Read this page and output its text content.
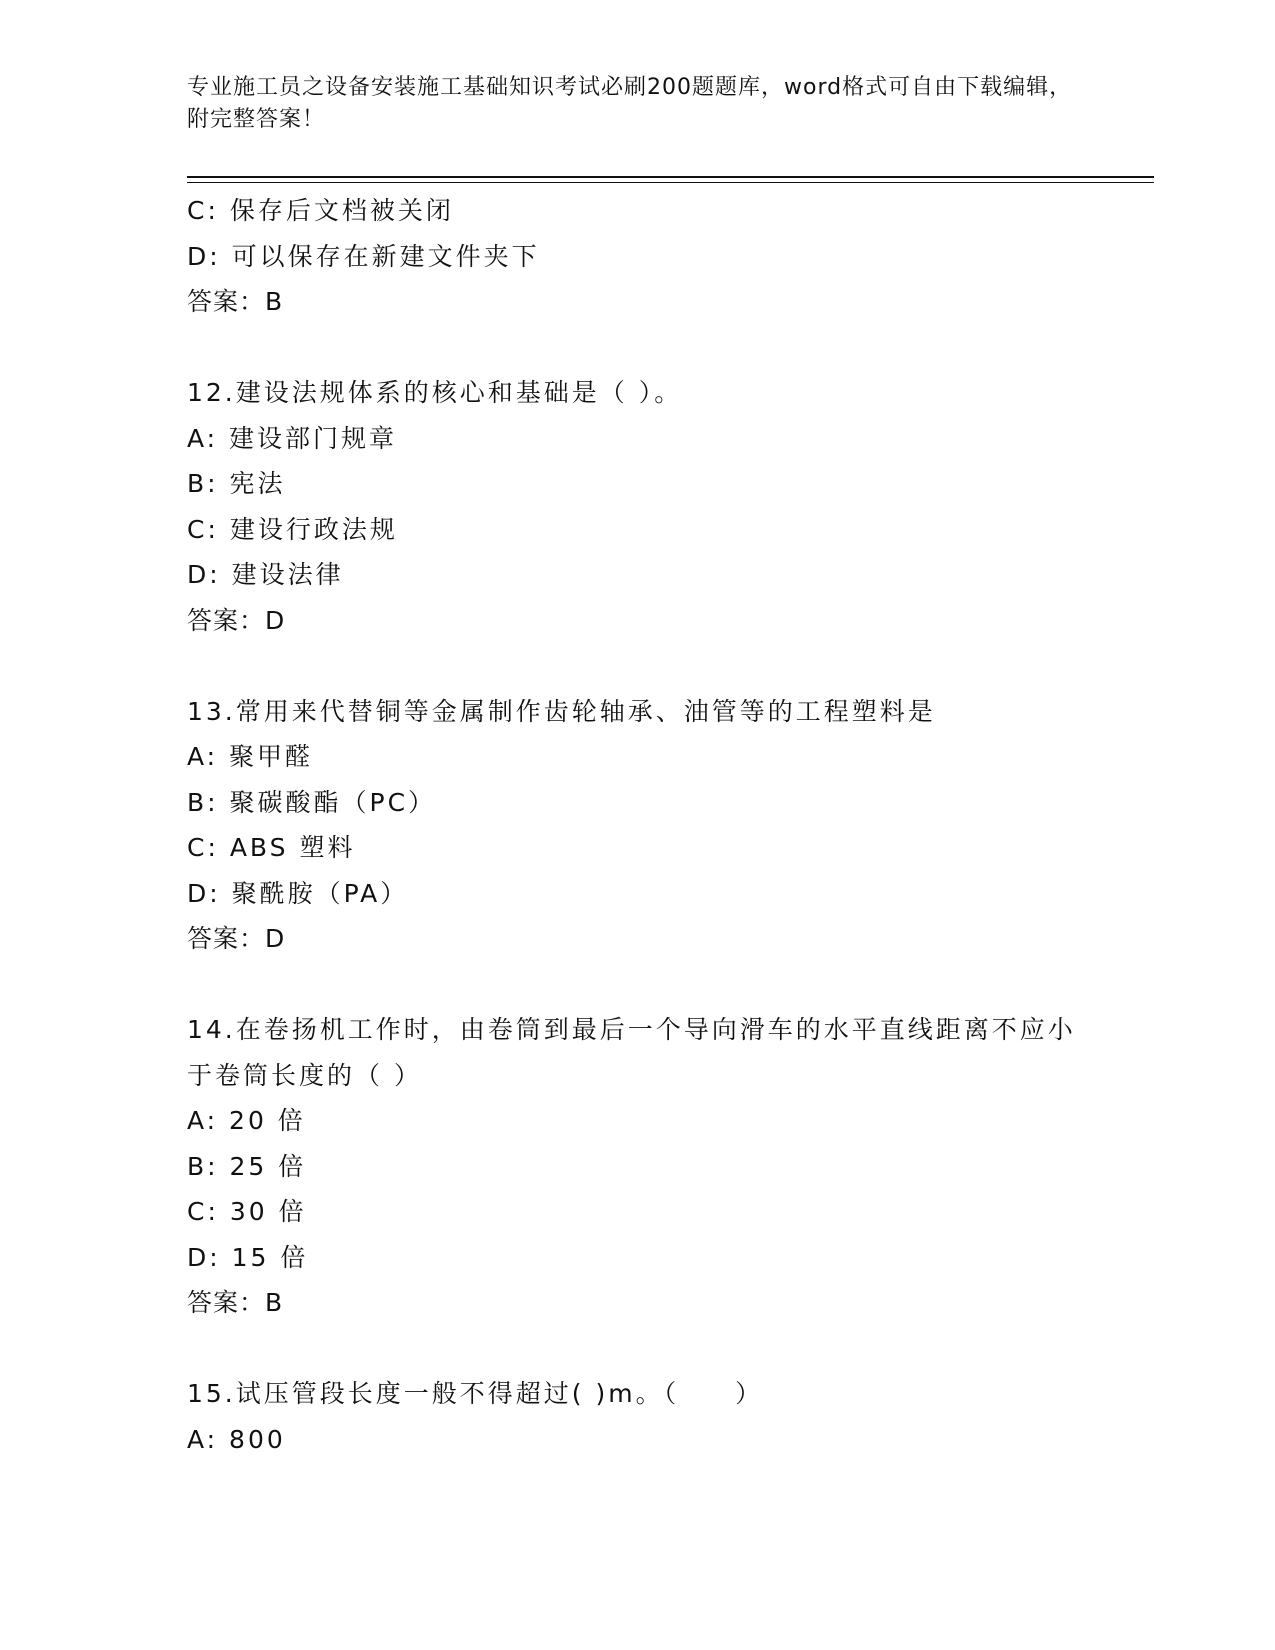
专业施工员之设备安装施工基础知识考试必刷200题题库，word格式可自由下载编辑，附完整答案！
C: 保存后文档被关闭
D: 可以保存在新建文件夹下
答案：B
12.建设法规体系的核心和基础是（ ）。
A: 建设部门规章
B: 宪法
C: 建设行政法规
D: 建设法律
答案：D
13.常用来代替铜等金属制作齿轮轴承、油管等的工程塑料是
A: 聚甲醛
B: 聚碳酸酯（PC）
C: ABS 塑料
D: 聚酰胺（PA）
答案：D
14.在卷扬机工作时，由卷筒到最后一个导向滑车的水平直线距离不应小于卷筒长度的（ ）
A: 20 倍
B: 25 倍
C: 30 倍
D: 15 倍
答案：B
15.试压管段长度一般不得超过( )m。（　　）
A: 800
